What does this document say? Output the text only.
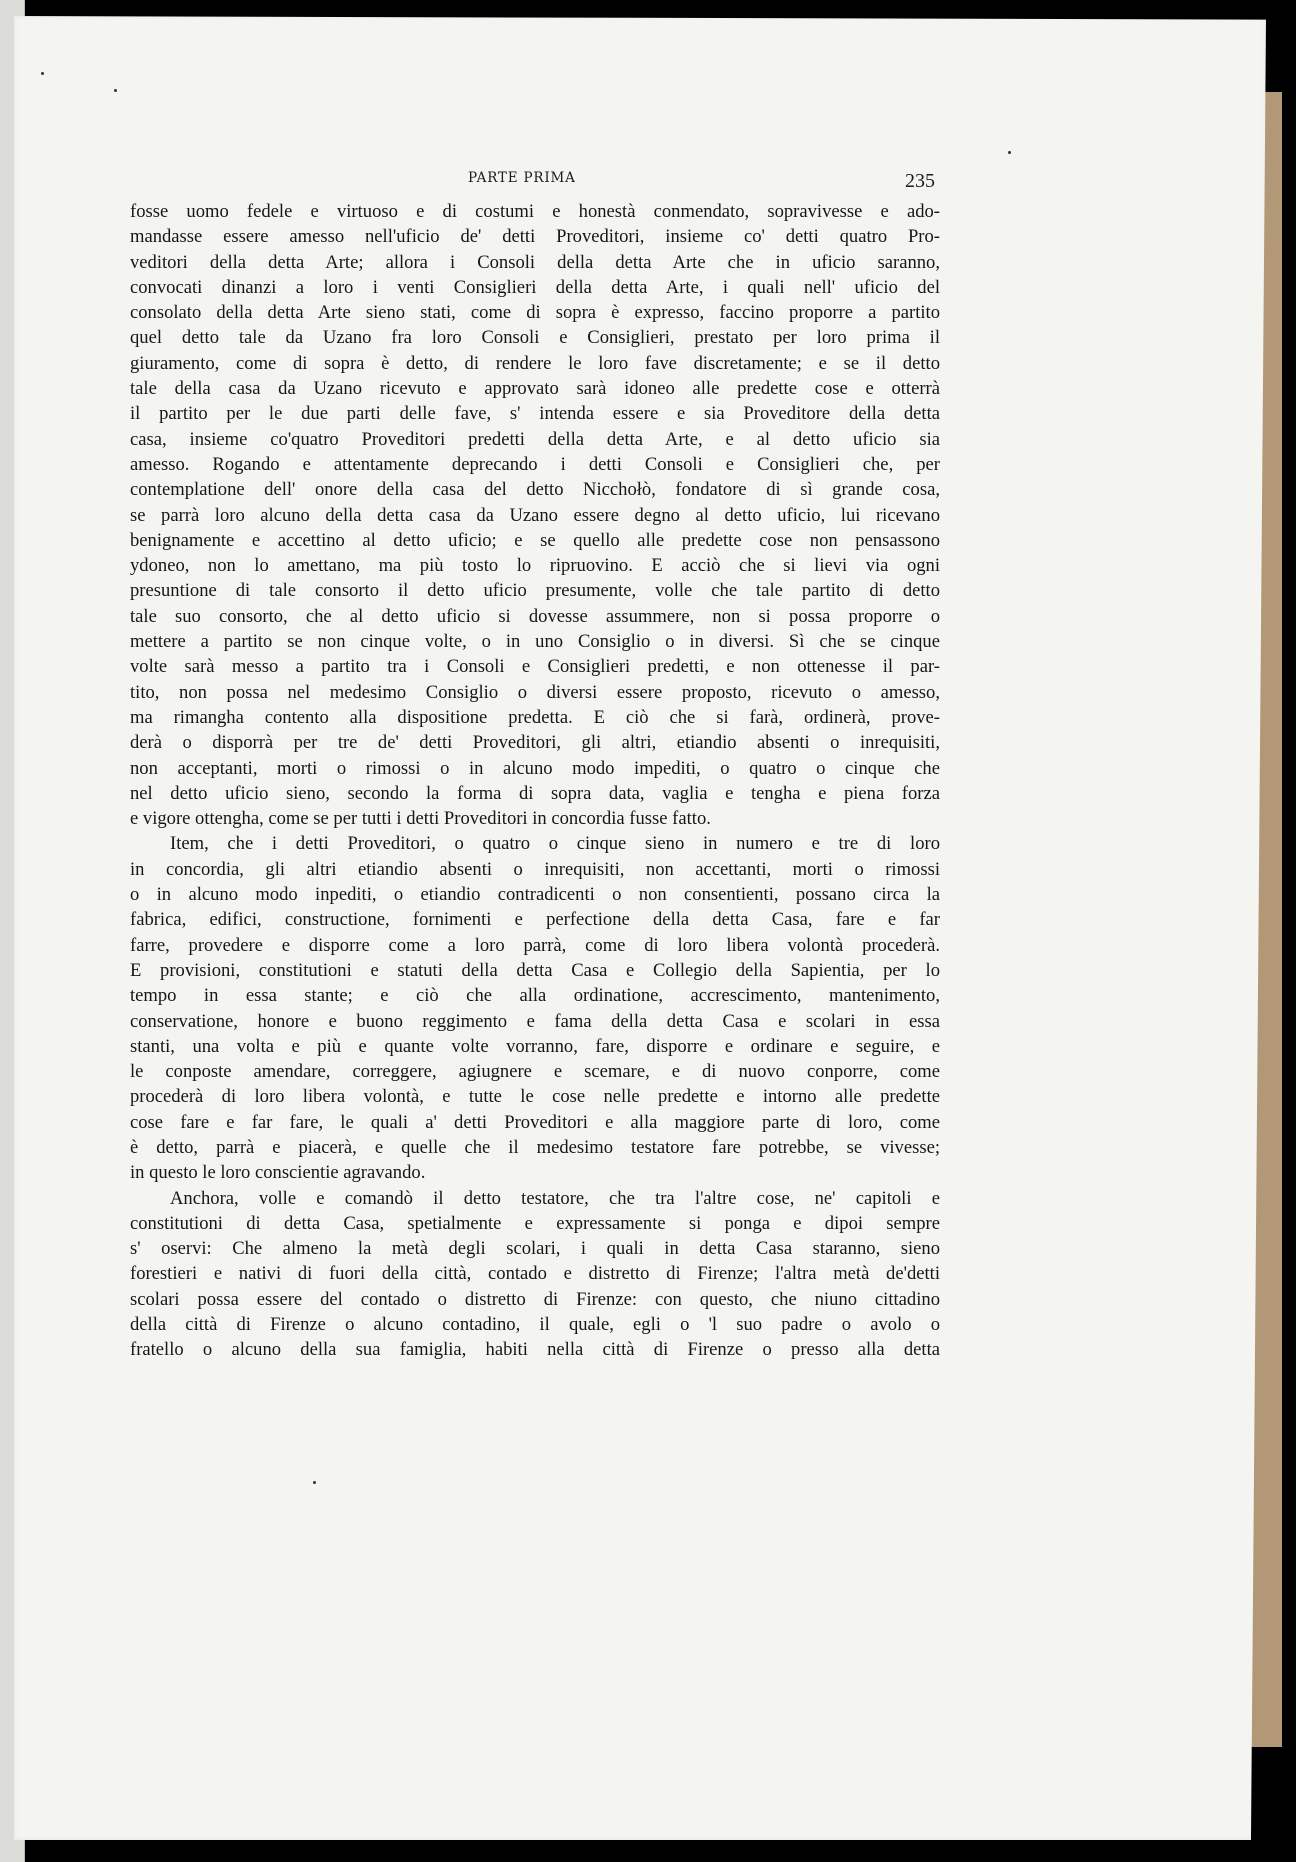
PARTE PRIMA	235
fosse uomo fedele e virtuoso e di costumi e honestà conmendato, sopravivesse e ado-
mandasse essere amesso nell'uficio de' detti Proveditori, insieme co' detti quatro Pro-
veditori della detta Arte; allora i Consoli della detta Arte che in uficio saranno,
convocati dinanzi a loro i venti Consiglieri della detta Arte, i quali nell' uficio del
consolato della detta Arte sieno stati, come di sopra è expresso, faccino proporre a partito
quel detto tale da Uzano fra loro Consoli e Consiglieri, prestato per loro prima il
giuramento, come di sopra è detto, di rendere le loro fave discretamente; e se il detto
tale della casa da Uzano ricevuto e approvato sarà idoneo alle predette cose e otterrà
il partito per le due parti delle fave, s' intenda essere e sia Proveditore della detta
casa, insieme co'quatro Proveditori predetti della detta Arte, e al detto uficio sia
amesso. Rogando e attentamente deprecando i detti Consoli e Consiglieri che, per
contemplatione dell' onore della casa del detto Nicchołò, fondatore di sì grande cosa,
se parrà loro alcuno della detta casa da Uzano essere degno al detto uficio, lui ricevano
benignamente e accettino al detto uficio; e se quello alle predette cose non pensassono
ydoneo, non lo amettano, ma più tosto lo ripruovino. E acciò che si lievi via ogni
presuntione di tale consorto il detto uficio presumente, volle che tale partito di detto
tale suo consorto, che al detto uficio si dovesse assummere, non si possa proporre o
mettere a partito se non cinque volte, o in uno Consiglio o in diversi. Sì che se cinque
volte sarà messo a partito tra i Consoli e Consiglieri predetti, e non ottenesse il par-
tito, non possa nel medesimo Consiglio o diversi essere proposto, ricevuto o amesso,
ma rimangha contento alla dispositione predetta. E ciò che si farà, ordinerà, prove-
derà o disporrà per tre de' detti Proveditori, gli altri, etiandio absenti o inrequisiti,
non acceptanti, morti o rimossi o in alcuno modo impediti, o quatro o cinque che
nel detto uficio sieno, secondo la forma di sopra data, vaglia e tengha e piena forza
e vigore ottengha, come se per tutti i detti Proveditori in concordia fusse fatto.
Item, che i detti Proveditori, o quatro o cinque sieno in numero e tre di loro
in concordia, gli altri etiandio absenti o inrequisiti, non accettanti, morti o rimossi
o in alcuno modo inpediti, o etiandio contradicenti o non consentienti, possano circa la
fabrica, edifici, constructione, fornimenti e perfectione della detta Casa, fare e far
farre, provedere e disporre come a loro parrà, come di loro libera volontà procederà.
E provisioni, constitutioni e statuti della detta Casa e Collegio della Sapientia, per lo
tempo in essa stante; e ciò che alla ordinatione, accrescimento, mantenimento,
conservatione, honore e buono reggimento e fama della detta Casa e scolari in essa
stanti, una volta e più e quante volte vorranno, fare, disporre e ordinare e seguire, e
le conposte amendare, correggere, agiugnere e scemare, e di nuovo conporre, come
procederà di loro libera volontà, e tutte le cose nelle predette e intorno alle predette
cose fare e far fare, le quali a' detti Proveditori e alla maggiore parte di loro, come
è detto, parrà e piacerà, e quelle che il medesimo testatore fare potrebbe, se vivesse;
in questo le loro conscientie agravando.
Anchora, volle e comandò il detto testatore, che tra l'altre cose, ne' capitoli e
constitutioni di detta Casa, spetialmente e expressamente si ponga e dipoi sempre
s' oservi: Che almeno la metà degli scolari, i quali in detta Casa staranno, sieno
forestieri e nativi di fuori della città, contado e distretto di Firenze; l'altra metà de'detti
scolari possa essere del contado o distretto di Firenze: con questo, che niuno cittadino
della città di Firenze o alcuno contadino, il quale, egli o 'l suo padre o avolo o
fratello o alcuno della sua famiglia, habiti nella città di Firenze o presso alla detta
